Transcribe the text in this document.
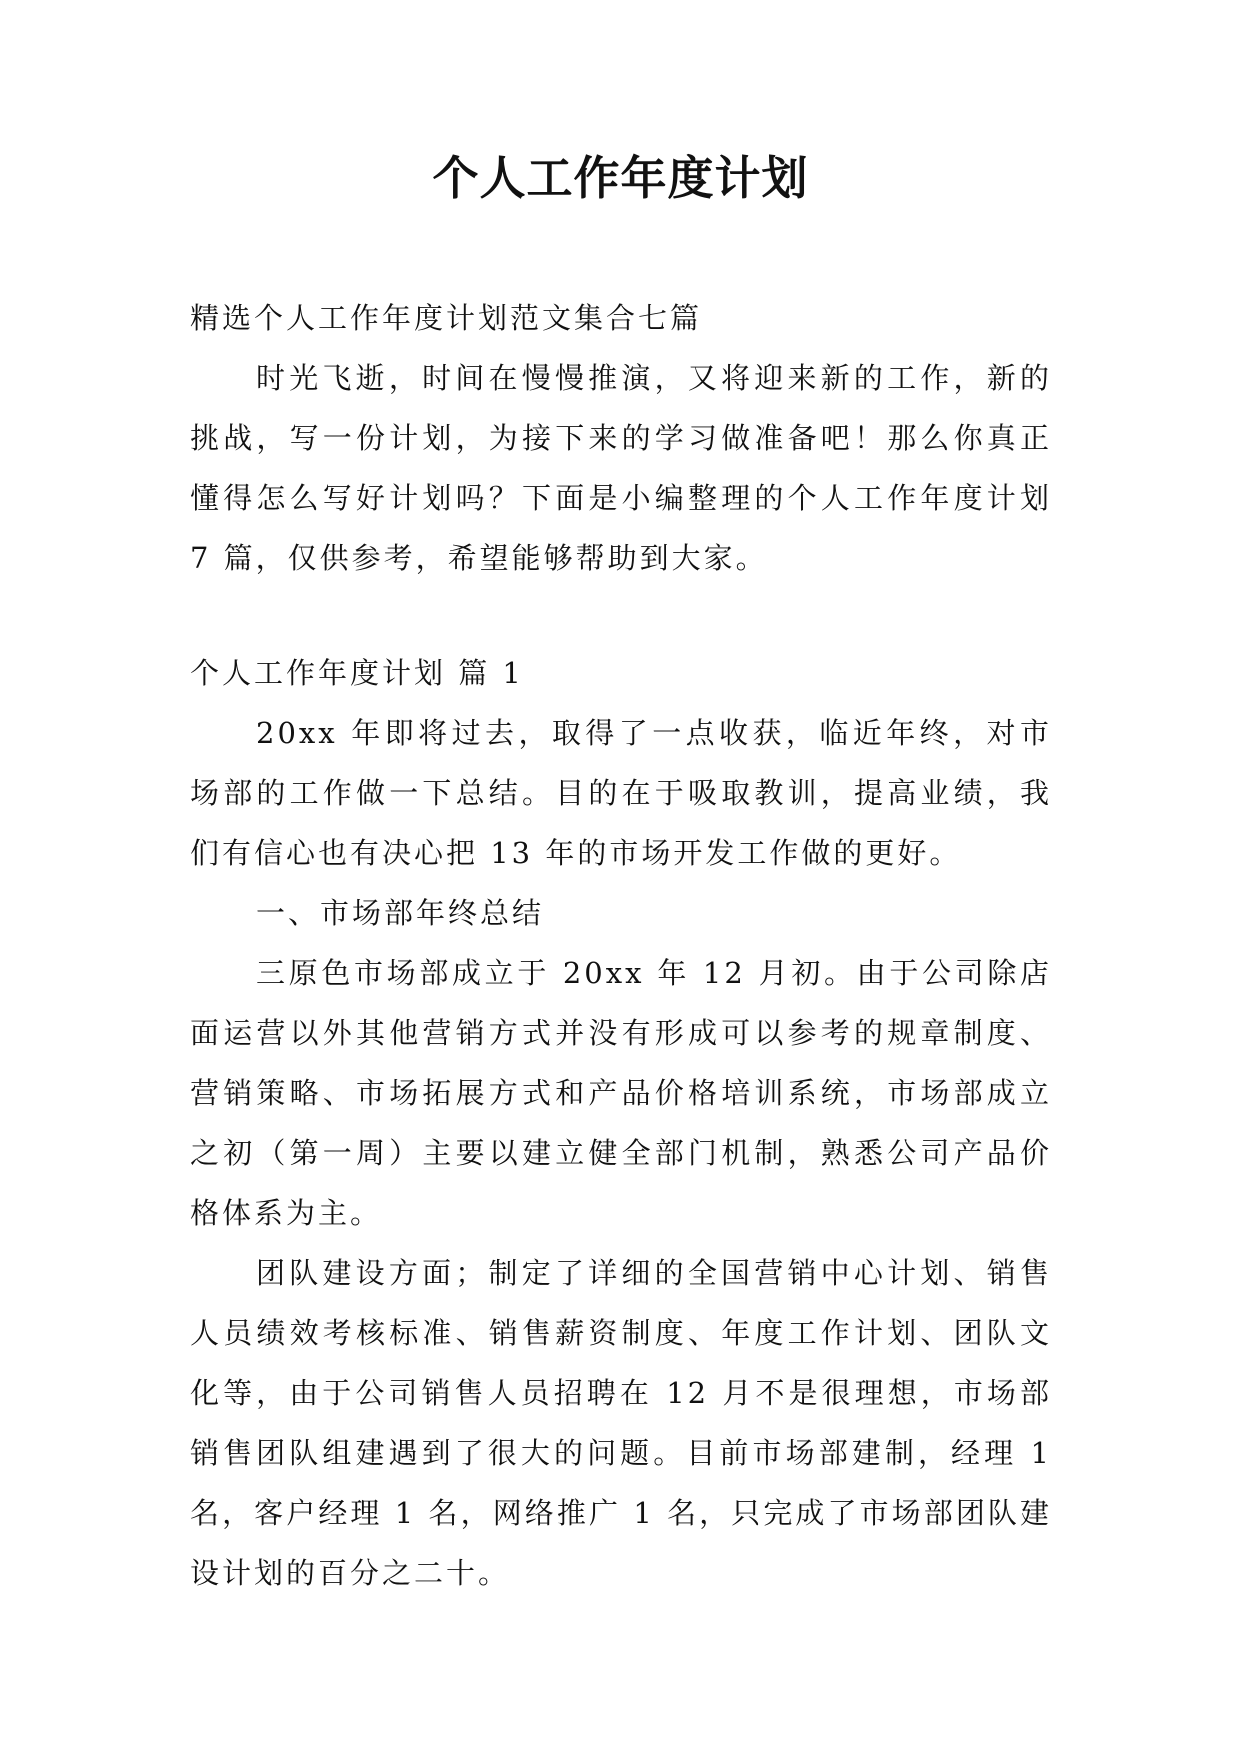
个人工作年度计划

精选个人工作年度计划范文集合七篇

时光飞逝，时间在慢慢推演，又将迎来新的工作，新的挑战，写一份计划，为接下来的学习做准备吧！那么你真正懂得怎么写好计划吗？下面是小编整理的个人工作年度计划 7 篇，仅供参考，希望能够帮助到大家。

个人工作年度计划 篇 1

20xx 年即将过去，取得了一点收获，临近年终，对市场部的工作做一下总结。目的在于吸取教训，提高业绩，我们有信心也有决心把 13 年的市场开发工作做的更好。

一、市场部年终总结

三原色市场部成立于 20xx 年 12 月初。由于公司除店面运营以外其他营销方式并没有形成可以参考的规章制度、营销策略、市场拓展方式和产品价格培训系统，市场部成立之初（第一周）主要以建立健全部门机制，熟悉公司产品价格体系为主。

团队建设方面；制定了详细的全国营销中心计划、销售人员绩效考核标准、销售薪资制度、年度工作计划、团队文化等，由于公司销售人员招聘在 12 月不是很理想，市场部销售团队组建遇到了很大的问题。目前市场部建制，经理 1 名，客户经理 1 名，网络推广 1 名，只完成了市场部团队建设计划的百分之二十。
